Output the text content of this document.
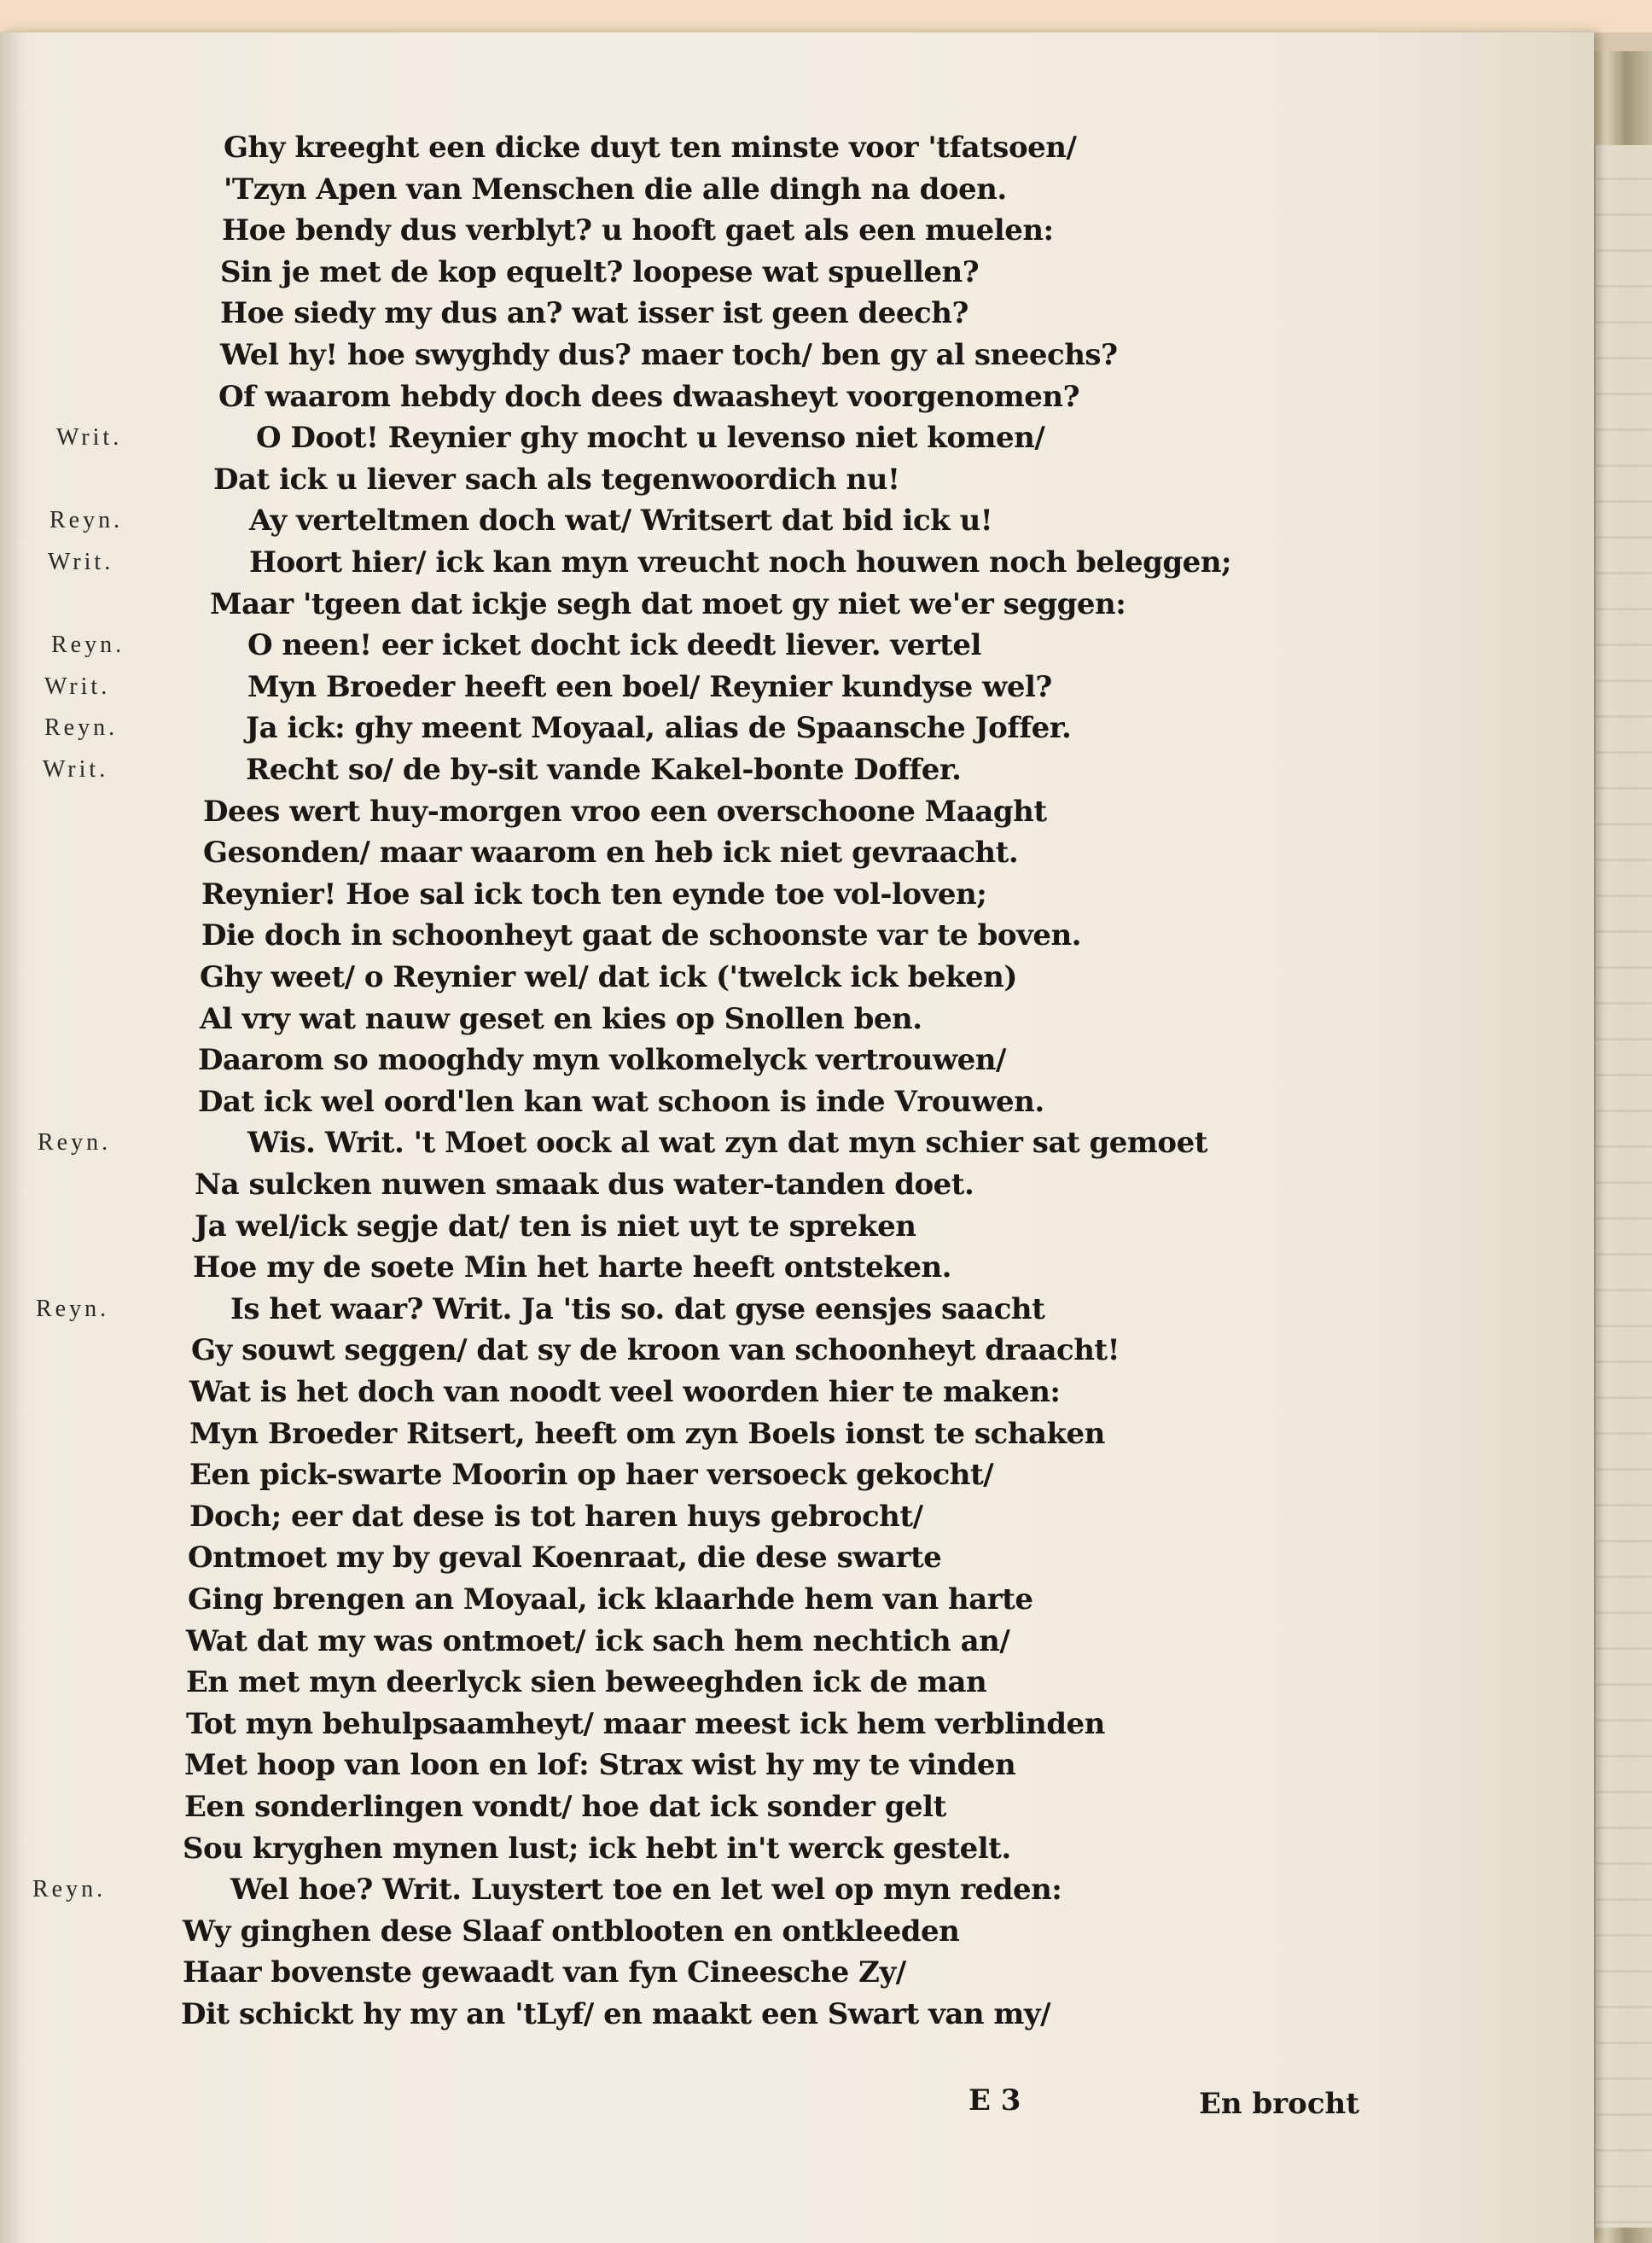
Writ.
Reyn.
Writ.
Reyn.
Writ.
Reyn.
Writ.
Reyn.
Reyn.
Reyn.
Ghy kreeght een dicke duyt ten minste voor 'tfatsoen/
'Tzyn Apen van Menschen die alle dingh na doen.
Hoe bendy dus verblyt? u hooft gaet als een muelen:
Sin je met de kop equelt? loopese wat spuellen?
Hoe siedy my dus an? wat isser ist geen deech?
Wel hy! hoe swyghdy dus? maer toch/ ben gy al sneechs?
Of waarom hebdy doch dees dwaasheyt voorgenomen?
O Doot! Reynier ghy mocht u levenso niet komen/
Dat ick u liever sach als tegenwoordich nu!
Ay verteltmen doch wat/ Writsert dat bid ick u!
Hoort hier/ ick kan myn vreucht noch houwen noch beleggen;
Maar 'tgeen dat ickje segh dat moet gy niet we'er seggen:
O neen! eer icket docht ick deedt liever. vertel
Myn Broeder heeft een boel/ Reynier kundyse wel?
Ja ick: ghy meent Moyaal, alias de Spaansche Joffer.
Recht so/ de by-sit vande Kakel-bonte Doffer.
Dees wert huy-morgen vroo een overschoone Maaght
Gesonden/ maar waarom en heb ick niet gevraacht.
Reynier! Hoe sal ick toch ten eynde toe vol-loven;
Die doch in schoonheyt gaat de schoonste var te boven.
Ghy weet/ o Reynier wel/ dat ick ('twelck ick beken)
Al vry wat nauw geset en kies op Snollen ben.
Daarom so mooghdy myn volkomelyck vertrouwen/
Dat ick wel oord'len kan wat schoon is inde Vrouwen.
Wis. Writ. 't Moet oock al wat zyn dat myn schier sat gemoet
Na sulcken nuwen smaak dus water-tanden doet.
Ja wel/ick segje dat/ ten is niet uyt te spreken
Hoe my de soete Min het harte heeft ontsteken.
Is het waar? Writ. Ja 'tis so. dat gyse eensjes saacht
Gy souwt seggen/ dat sy de kroon van schoonheyt draacht!
Wat is het doch van noodt veel woorden hier te maken:
Myn Broeder Ritsert, heeft om zyn Boels ionst te schaken
Een pick-swarte Moorin op haer versoeck gekocht/
Doch; eer dat dese is tot haren huys gebrocht/
Ontmoet my by geval Koenraat, die dese swarte
Ging brengen an Moyaal, ick klaarhde hem van harte
Wat dat my was ontmoet/ ick sach hem nechtich an/
En met myn deerlyck sien beweeghden ick de man
Tot myn behulpsaamheyt/ maar meest ick hem verblinden
Met hoop van loon en lof: Strax wist hy my te vinden
Een sonderlingen vondt/ hoe dat ick sonder gelt
Sou kryghen mynen lust; ick hebt in't werck gestelt.
Wel hoe? Writ. Luystert toe en let wel op myn reden:
Wy ginghen dese Slaaf ontblooten en ontkleeden
Haar bovenste gewaadt van fyn Cineesche Zy/
Dit schickt hy my an 'tLyf/ en maakt een Swart van my/
E 3	En brocht
